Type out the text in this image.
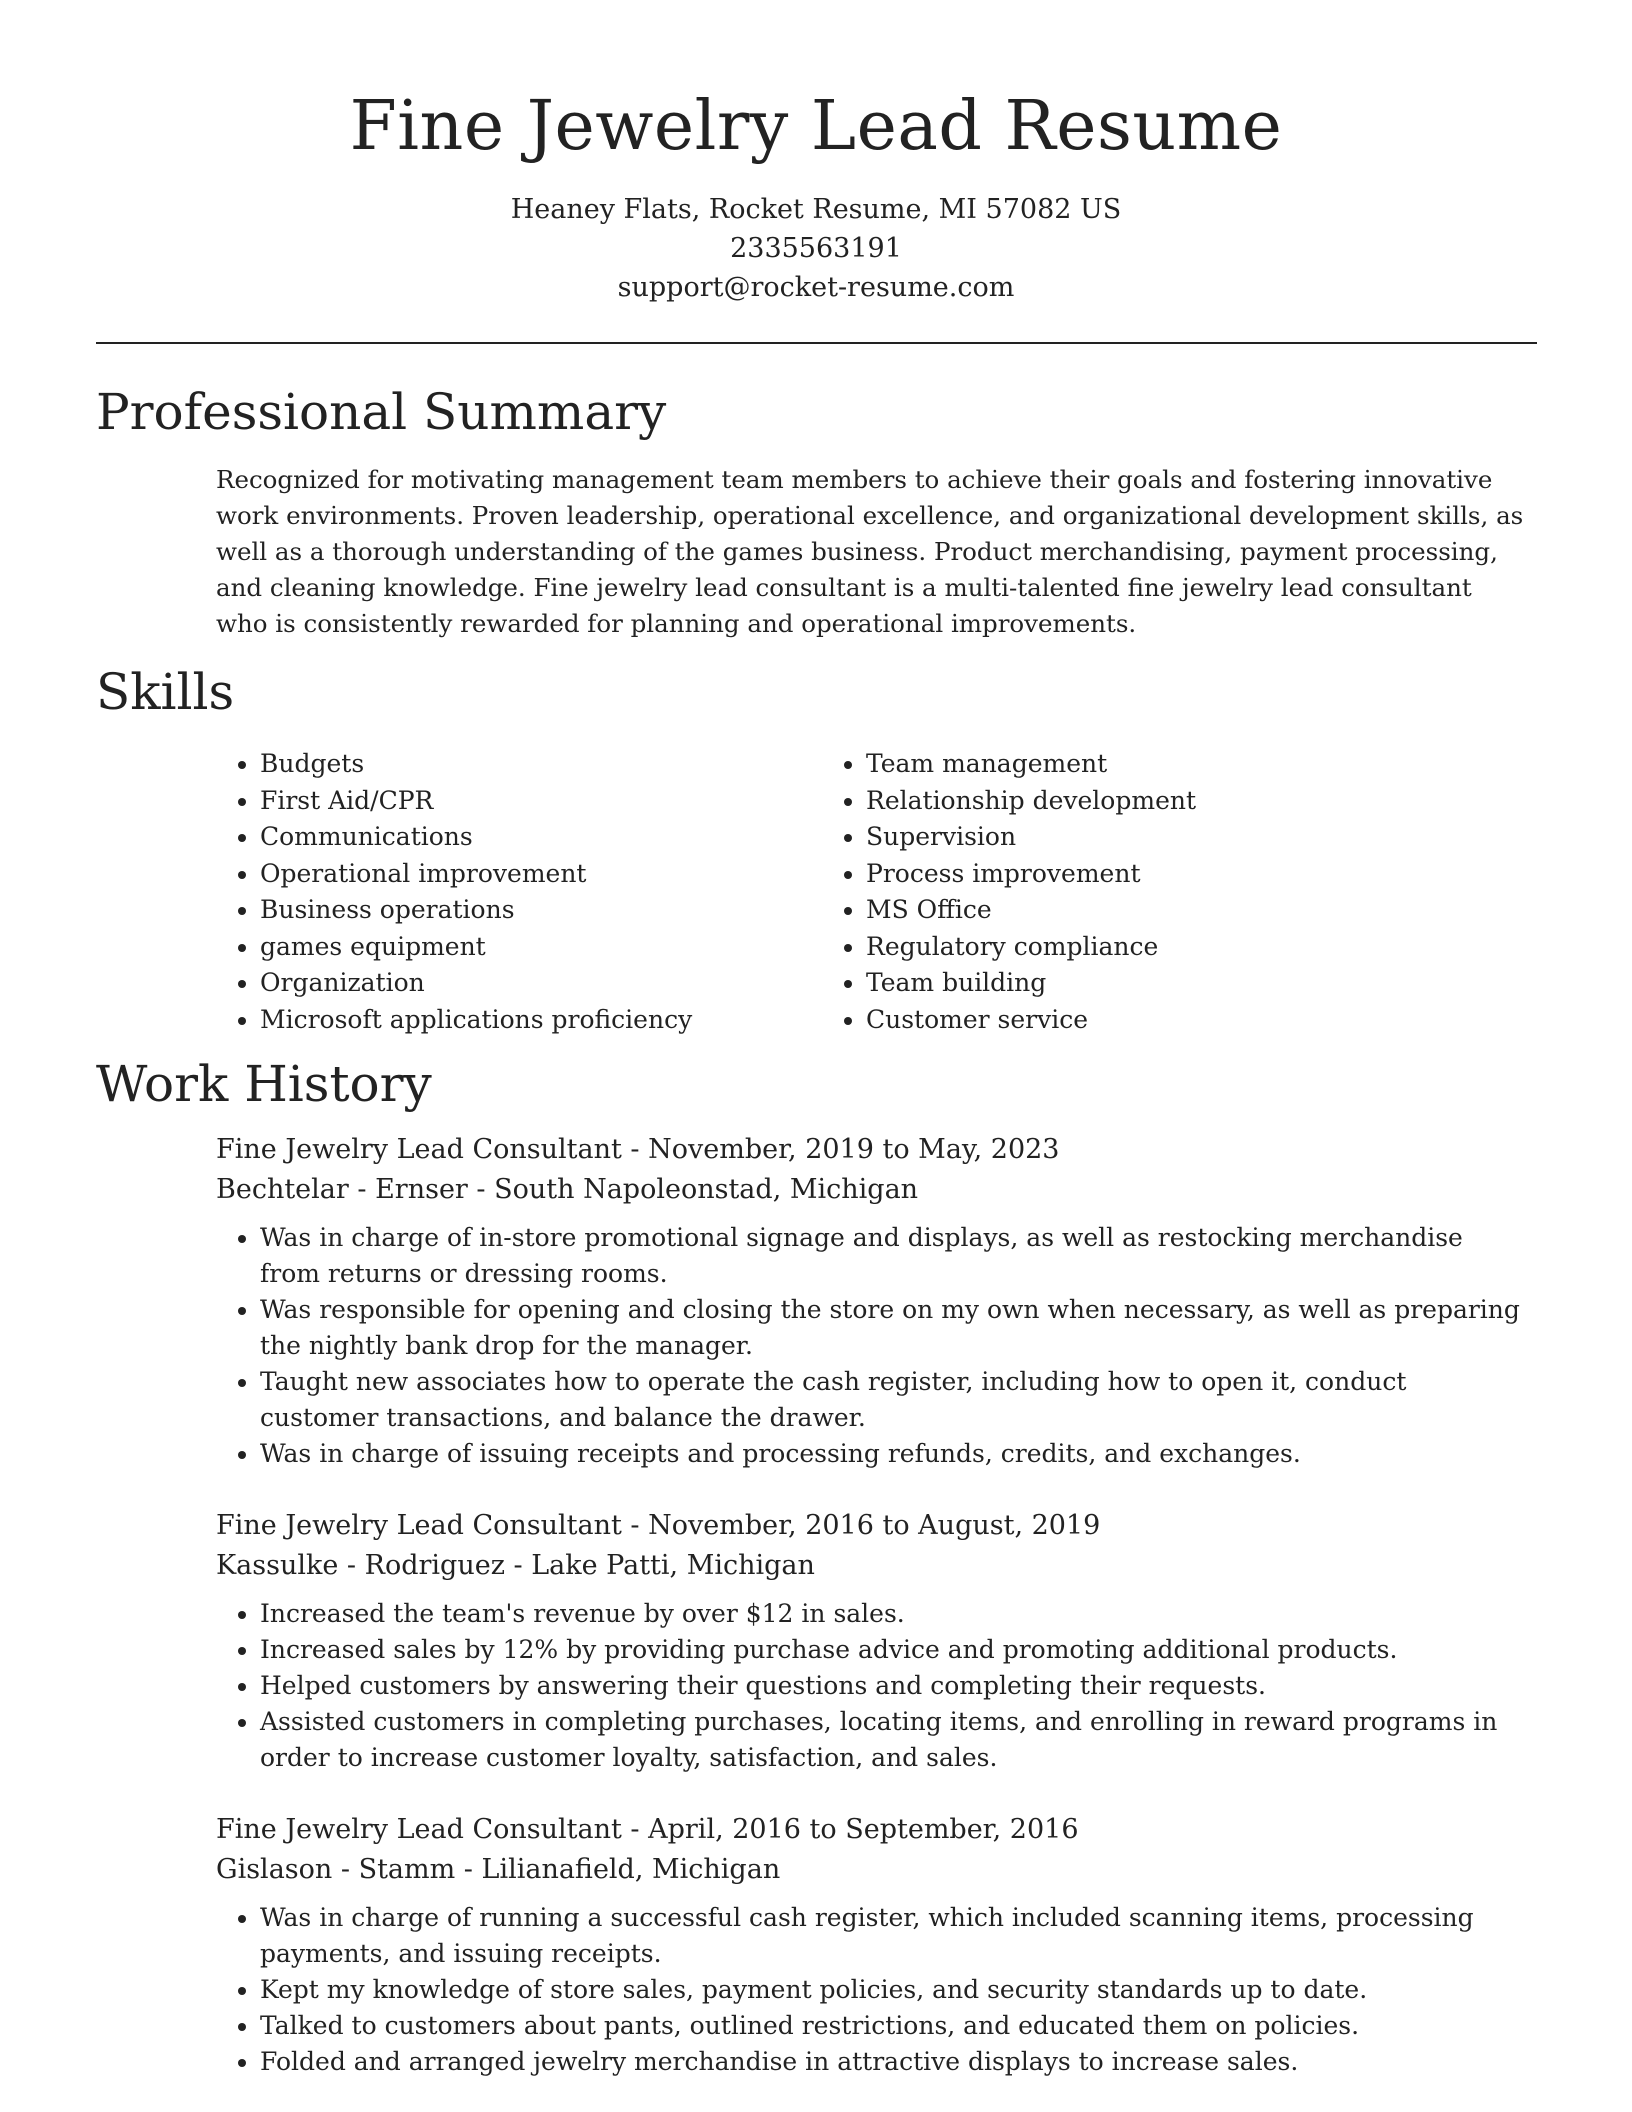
Fine Jewelry Lead Resume
Heaney Flats, Rocket Resume, MI 57082 US
2335563191
support@rocket-resume.com
Professional Summary
Recognized for motivating management team members to achieve their goals and fostering innovative work environments. Proven leadership, operational excellence, and organizational development skills, as well as a thorough understanding of the games business. Product merchandising, payment processing, and cleaning knowledge. Fine jewelry lead consultant is a multi-talented fine jewelry lead consultant who is consistently rewarded for planning and operational improvements.
Skills
• Budgets
• First Aid/CPR
• Communications
• Operational improvement
• Business operations
• games equipment
• Organization
• Microsoft applications proficiency
• Team management
• Relationship development
• Supervision
• Process improvement
• MS Office
• Regulatory compliance
• Team building
• Customer service
Work History
Fine Jewelry Lead Consultant - November, 2019 to May, 2023
Bechtelar - Ernser - South Napoleonstad, Michigan
• Was in charge of in-store promotional signage and displays, as well as restocking merchandise from returns or dressing rooms.
• Was responsible for opening and closing the store on my own when necessary, as well as preparing the nightly bank drop for the manager.
• Taught new associates how to operate the cash register, including how to open it, conduct customer transactions, and balance the drawer.
• Was in charge of issuing receipts and processing refunds, credits, and exchanges.
Fine Jewelry Lead Consultant - November, 2016 to August, 2019
Kassulke - Rodriguez - Lake Patti, Michigan
• Increased the team's revenue by over $12 in sales.
• Increased sales by 12% by providing purchase advice and promoting additional products.
• Helped customers by answering their questions and completing their requests.
• Assisted customers in completing purchases, locating items, and enrolling in reward programs in order to increase customer loyalty, satisfaction, and sales.
Fine Jewelry Lead Consultant - April, 2016 to September, 2016
Gislason - Stamm - Lilianafield, Michigan
• Was in charge of running a successful cash register, which included scanning items, processing payments, and issuing receipts.
• Kept my knowledge of store sales, payment policies, and security standards up to date.
• Talked to customers about pants, outlined restrictions, and educated them on policies.
• Folded and arranged jewelry merchandise in attractive displays to increase sales.
